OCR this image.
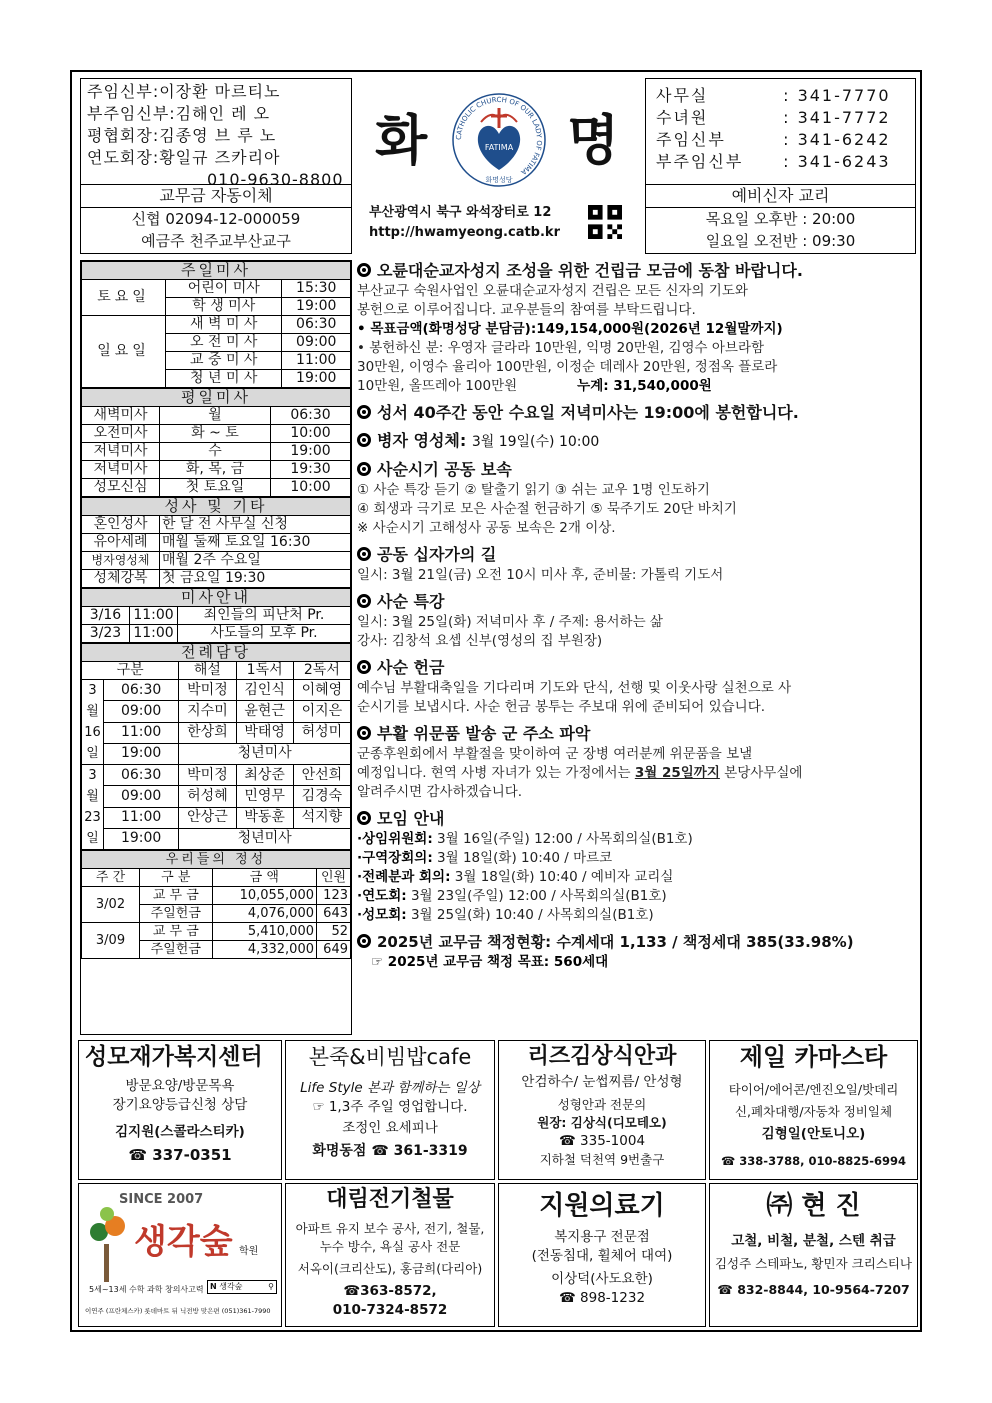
주임신부:이장환 마르티노
부주임신부:김해인 레 오
평협회장:김종영 브 루 노
연도회장:황일규 즈카리아
010-9630-8800
교무금 자동이체
신협 02094-12-000059
예금주 천주교부산교구
화	명
CATHOLIC CHURCH OF OUR LADY OF FATIMA
FATIMA
화명성당
부산광역시 북구 와석장터로 12
http://hwamyeong.catb.kr
사무실	: 341-7770
수녀원	: 341-7772
주임신부	: 341-6242
부주임신부	: 341-6243
예비신자 교리
목요일 오후반 : 20:00
일요일 오전반 : 09:30
주일미사		
토요일	어린이 미사	15:30
	학 생 미사	19:00
일요일	새 벽 미 사	06:30
	오 전 미 사	09:00
	교 중 미 사	11:00
	청 년 미 사	19:00
평일미사		
새벽미사	월	06:30
오전미사	화 ~ 토	10:00
저녁미사	수	19:00
저녁미사	화, 목, 금	19:30
성모신심	첫 토요일	10:00
성사 및 기타	
혼인성사	한 달 전 사무실 신청
유아세례	매월 둘째 토요일 16:30
병자영성체	매월 2주 수요일
성체강복	첫 금요일 19:30
미사안내		
3/16	11:00	죄인들의 피난처 Pr.
3/23	11:00	사도들의 모후 Pr.
전례담당				
구분		해설	1독서	2독서
3월16일	06:30	박미정	김인식	이혜영
	09:00	지수미	윤현근	이지은
	11:00	한상희	박태영	허성미
	19:00	청년미사		
3월23일	06:30	박미정	최상준	안선희
	09:00	허성혜	민영무	김경숙
	11:00	안상근	박동훈	석지향
	19:00	청년미사		
우리들의 정성			
주 간	구 분	금 액	인원
3/02	교 무 금	10,055,000	123
	주일헌금	4,076,000	643
3/09	교 무 금	5,410,000	52
	주일헌금	4,332,000	649
오륜대순교자성지 조성을 위한 건립금 모금에 동참 바랍니다.
부산교구 숙원사업인 오륜대순교자성지 건립은 모든 신자의 기도와
봉헌으로 이루어집니다. 교우분들의 참여를 부탁드립니다.
• 목표금액(화명성당 분담금):149,154,000원(2026년 12월말까지)
• 봉헌하신 분: 우영자 글라라 10만원, 익명 20만원, 김영수 아브라함
30만원, 이영수 율리아 100만원, 이정순 데레사 20만원, 정점옥 플로라
10만원, 올뜨레아 100만원	누계: 31,540,000원
성서 40주간 동안 수요일 저녁미사는 19:00에 봉헌합니다.
병자 영성체: 3월 19일(수) 10:00
사순시기 공동 보속
① 사순 특강 듣기 ② 탈출기 읽기 ③ 쉬는 교우 1명 인도하기
④ 희생과 극기로 모은 사순절 헌금하기 ⑤ 묵주기도 20단 바치기
※ 사순시기 고해성사 공동 보속은 2개 이상.
공동 십자가의 길
일시: 3월 21일(금) 오전 10시 미사 후, 준비물: 가톨릭 기도서
사순 특강
일시: 3월 25일(화) 저녁미사 후 / 주제: 용서하는 삶
강사: 김창석 요셉 신부(영성의 집 부원장)
사순 헌금
예수님 부활대축일을 기다리며 기도와 단식, 선행 및 이웃사랑 실천으로 사
순시기를 보냅시다. 사순 헌금 봉투는 주보대 위에 준비되어 있습니다.
부활 위문품 발송 군 주소 파악
군종후원회에서 부활절을 맞이하여 군 장병 여러분께 위문품을 보낼
예정입니다. 현역 사병 자녀가 있는 가정에서는 3월 25일까지 본당사무실에
알려주시면 감사하겠습니다.
모임 안내
·상임위원회: 3월 16일(주일) 12:00 / 사목회의실(B1호)
·구역장회의: 3월 18일(화) 10:40 / 마르코
·전례분과 회의: 3월 18일(화) 10:40 / 예비자 교리실
·연도회: 3월 23일(주일) 12:00 / 사목회의실(B1호)
·성모회: 3월 25일(화) 10:40 / 사목회의실(B1호)
2025년 교무금 책정현황: 수계세대 1,133 / 책정세대 385(33.98%)
☞ 2025년 교무금 책정 목표: 560세대
성모재가복지센터
방문요양/방문목욕
장기요양등급신청 상담
김지원(스콜라스티카)
☎ 337-0351
본죽&비빔밥cafe
Life Style 본과 함께하는 일상
☞ 1,3주 주일 영업합니다.
조정인 요세피나
화명동점 ☎ 361-3319
리즈김상식안과
안검하수/ 눈썹찌름/ 안성형
성형안과 전문의
원장: 김상식(디모테오)
☎ 335-1004
지하철 덕천역 9번출구
제일 카마스타
타이어/에어콘/엔진오일/밧데리
신,폐차대행/자동차 정비일체
김형일(안토니오)
☎ 338-3788, 010-8825-6994
SINCE 2007
생각숲 학원
5세~13세 수학 과학 창의사고력 N 생각숲	⚲
이연주 (프란체스카) 롯데마트 뒤 닉전방 맞은편 (051)361-7990
대림전기철물
아파트 유지 보수 공사, 전기, 철물,
누수 방수, 욕실 공사 전문
서옥이(크리산도), 홍금희(다리아)
☎363-8572,
010-7324-8572
지원의료기
복지용구 전문점
(전동침대, 휠체어 대여)
이상덕(사도요한)
☎ 898-1232
㈜ 현 진
고철, 비철, 분철, 스텐 취급
김성주 스테파노, 황민자 크리스티나
☎ 832-8844, 10-9564-7207
